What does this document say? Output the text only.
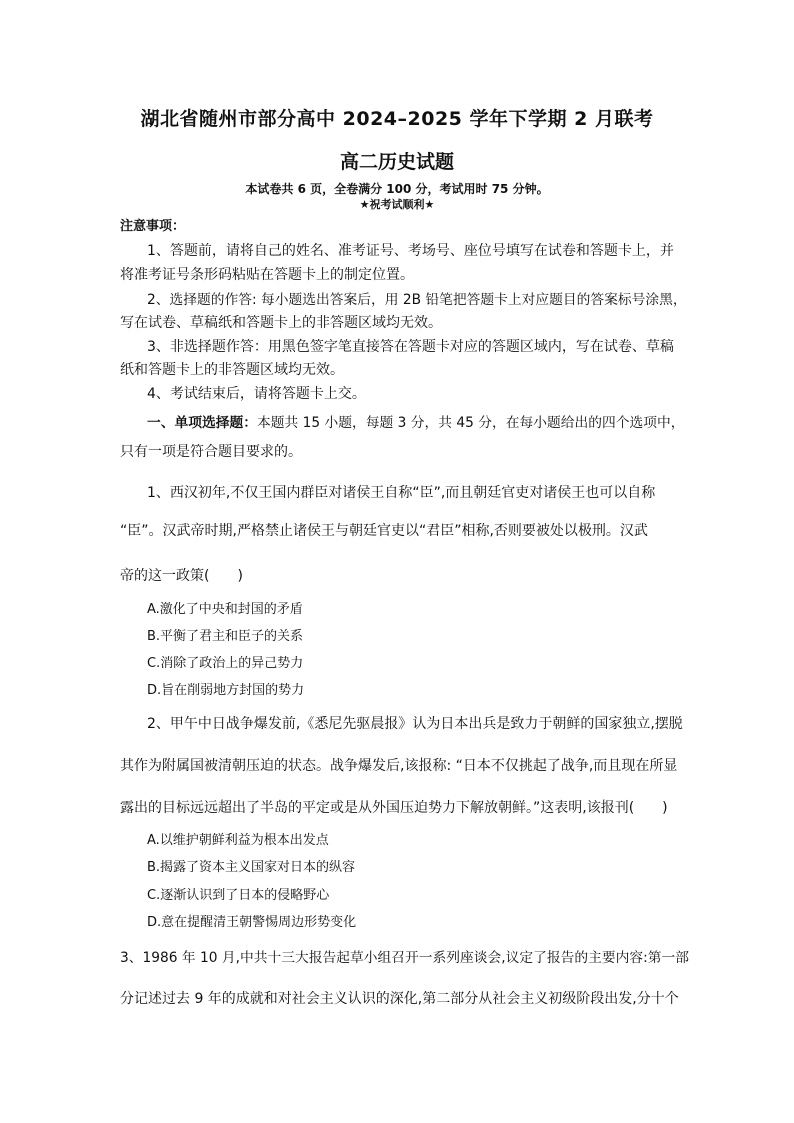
湖北省随州市部分高中 2024–2025 学年下学期 2 月联考
高二历史试题
本试卷共 6 页，全卷满分 100 分，考试用时 75 分钟。
★祝考试顺利★
注意事项：
1、答题前，请将自己的姓名、准考证号、考场号、座位号填写在试卷和答题卡上，并
将准考证号条形码粘贴在答题卡上的制定位置。
2、选择题的作答: 每小题选出答案后，用 2B 铅笔把答题卡上对应题目的答案标号涂黑，
写在试卷、草稿纸和答题卡上的非答题区域均无效。
3、非选择题作答：用黑色签字笔直接答在答题卡对应的答题区域内，写在试卷、草稿
纸和答题卡上的非答题区域均无效。
4、考试结束后，请将答题卡上交。
一、单项选择题：本题共 15 小题，每题 3 分，共 45 分，在每小题给出的四个选项中，
只有一项是符合题目要求的。
1、西汉初年,不仅王国内群臣对诸侯王自称“臣”,而且朝廷官吏对诸侯王也可以自称
“臣”。汉武帝时期,严格禁止诸侯王与朝廷官吏以“君臣”相称,否则要被处以极刑。汉武
帝的这一政策(　　)
A.激化了中央和封国的矛盾
B.平衡了君主和臣子的关系
C.消除了政治上的异己势力
D.旨在削弱地方封国的势力
2、甲午中日战争爆发前,《悉尼先驱晨报》认为日本出兵是致力于朝鲜的国家独立,摆脱
其作为附属国被清朝压迫的状态。战争爆发后,该报称: “日本不仅挑起了战争,而且现在所显
露出的目标远远超出了半岛的平定或是从外国压迫势力下解放朝鲜。”这表明,该报刊(　　)
A.以维护朝鲜利益为根本出发点
B.揭露了资本主义国家对日本的纵容
C.逐渐认识到了日本的侵略野心
D.意在提醒清王朝警惕周边形势变化
3、1986 年 10 月,中共十三大报告起草小组召开一系列座谈会,议定了报告的主要内容:第一部
分记述过去 9 年的成就和对社会主义认识的深化,第二部分从社会主义初级阶段出发,分十个
